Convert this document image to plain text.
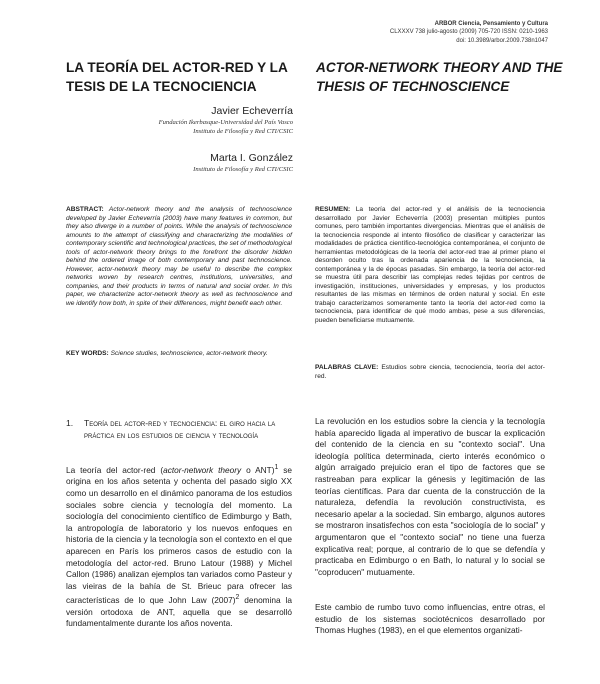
ARBOR Ciencia, Pensamiento y Cultura
CLXXXV 738 julio-agosto (2009) 705-720 ISSN: 0210-1963
doi: 10.3989/arbor.2009.738n1047
LA TEORÍA DEL ACTOR-RED Y LA TESIS DE LA TECNOCIENCIA
ACTOR-NETWORK THEORY AND THE THESIS OF TECHNOSCIENCE
Javier Echeverría
Fundación Ikerbasque-Universidad del País Vasco
Instituto de Filosofía y Red CTI/CSIC
Marta I. González
Instituto de Filosofía y Red CTI/CSIC
ABSTRACT: Actor-network theory and the analysis of technoscience developed by Javier Echeverría (2003) have many features in common, but they also diverge in a number of points. While the analysis of technoscience amounts to the attempt of classifying and characterizing the modalities of contemporary scientific and technological practices, the set of methodological tools of actor-network theory brings to the forefront the disorder hidden behind the ordered image of both contemporary and past technoscience. However, actor-network theory may be useful to describe the complex networks woven by research centres, institutions, universities, and companies, and their products in terms of natural and social order. In this paper, we characterize actor-network theory as well as technoscience and we identify how both, in spite of their differences, might benefit each other.
KEY WORDS: Science studies, technoscience, actor-network theory.
RESUMEN: La teoría del actor-red y el análisis de la tecnociencia desarrollado por Javier Echeverría (2003) presentan múltiples puntos comunes, pero también importantes divergencias. Mientras que el análisis de la tecnociencia responde al intento filosófico de clasificar y caracterizar las modalidades de práctica científico-tecnológica contemporánea, el conjunto de herramientas metodológicas de la teoría del actor-red trae al primer plano el desorden oculto tras la ordenada apariencia de la tecnociencia, la contemporánea y la de épocas pasadas. Sin embargo, la teoría del actor-red se muestra útil para describir las complejas redes tejidas por centros de investigación, instituciones, universidades y empresas, y los productos resultantes de las mismas en términos de orden natural y social. En este trabajo caracterizamos someramente tanto la teoría del actor-red como la tecnociencia, para identificar de qué modo ambas, pese a sus diferencias, pueden beneficiarse mutuamente.
PALABRAS CLAVE: Estudios sobre ciencia, tecnociencia, teoría del actor-red.
1. Teoría del actor-red y tecnociencia: el giro hacia la práctica en los estudios de ciencia y tecnología

La teoría del actor-red (actor-network theory o ANT)$^1$ se origina en los años setenta y ochenta del pasado siglo XX como un desarrollo en el dinámico panorama de los estudios sociales sobre ciencia y tecnología del momento. La sociología del conocimiento científico de Edimburgo y Bath, la antropología de laboratorio y los nuevos enfoques en historia de la ciencia y la tecnología son el contexto en el que aparecen en París los primeros casos de estudio con la metodología del actor-red. Bruno Latour (1988) y Michel Callon (1986) analizan ejemplos tan variados como Pasteur y las vieiras de la bahía de St. Brieuc para ofrecer las características de lo que John Law $(2007)^2$ denomina la versión ortodoxa de ANT, aquella que se desarrolló fundamentalmente durante los años noventa.

La revolución en los estudios sobre la ciencia y la tecnología había aparecido ligada al imperativo de buscar la explicación del contenido de la ciencia en su "contexto social". Una ideología política determinada, cierto interés económico o algún arraigado prejuicio eran el tipo de factores que se rastreaban para explicar la génesis y legitimación de las teorías científicas. Para dar cuenta de la construcción de la naturaleza, defendía la revolución constructivista, es necesario apelar a la sociedad. Sin embargo, algunos autores se mostraron insatisfechos con esta "sociología de lo social" y argumentaron que el "contexto social" no tiene una fuerza explicativa real; porque, al contrario de lo que se defendía y practicaba en Edimburgo o en Bath, lo natural y lo social se "coproducen" mutuamente.

Este cambio de rumbo tuvo como influencias, entre otras, el estudio de los sistemas sociotécnicos desarrollado por Thomas Hughes (1983), en el que elementos organizati-
